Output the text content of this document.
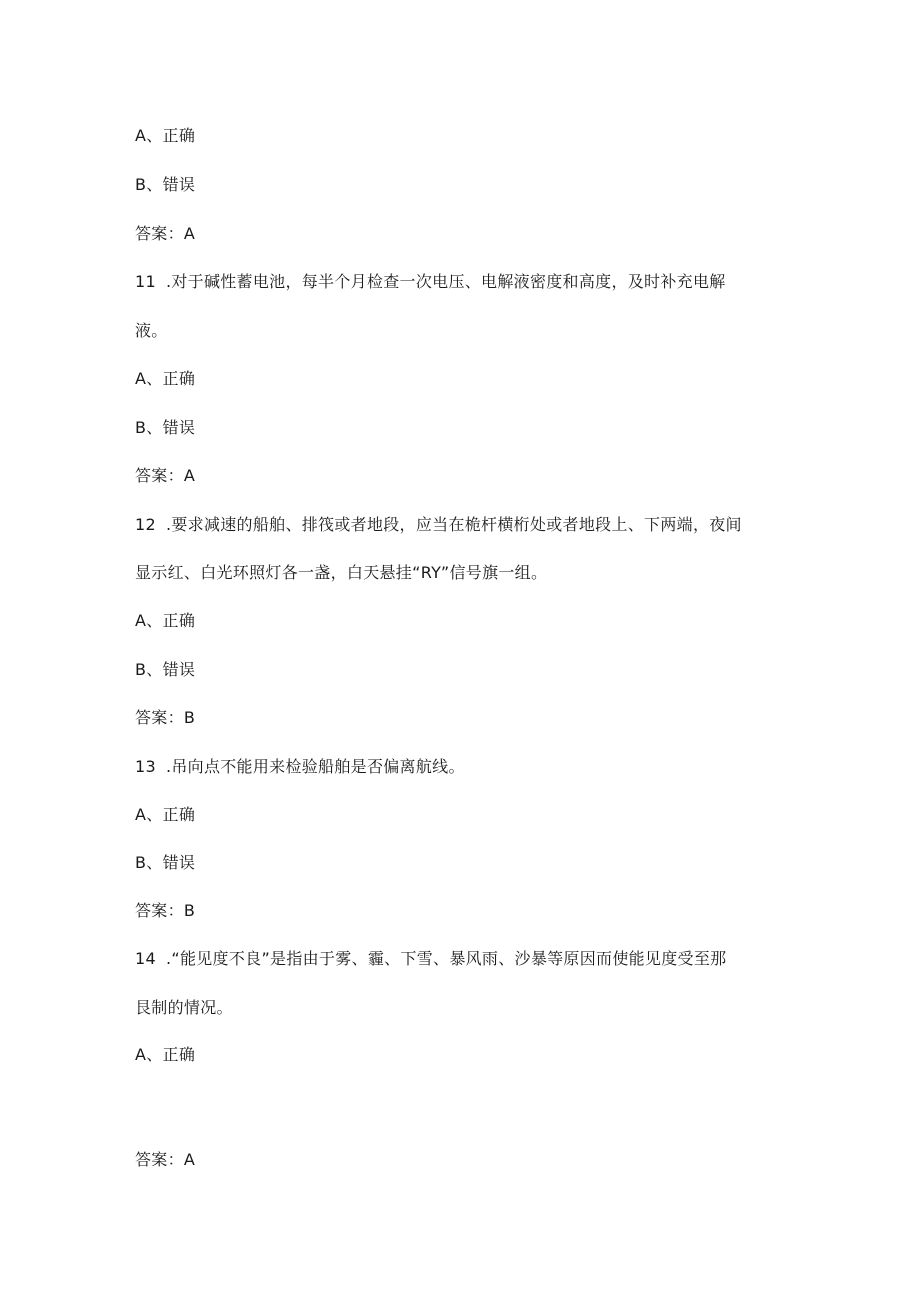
A、正确
B、错误
答案：A
11 .对于碱性蓄电池，每半个月检查一次电压、电解液密度和高度，及时补充电解
液。
A、正确
B、错误
答案：A
12 .要求减速的船舶、排筏或者地段，应当在桅杆横桁处或者地段上、下两端，夜间
显示红、白光环照灯各一盏，白天悬挂“RY”信号旗一组。
A、正确
B、错误
答案：B
13 .吊向点不能用来检验船舶是否偏离航线。
A、正确
B、错误
答案：B
14 .“能见度不良”是指由于雾、霾、下雪、暴风雨、沙暴等原因而使能见度受至那
艮制的情况。
A、正确
答案：A
